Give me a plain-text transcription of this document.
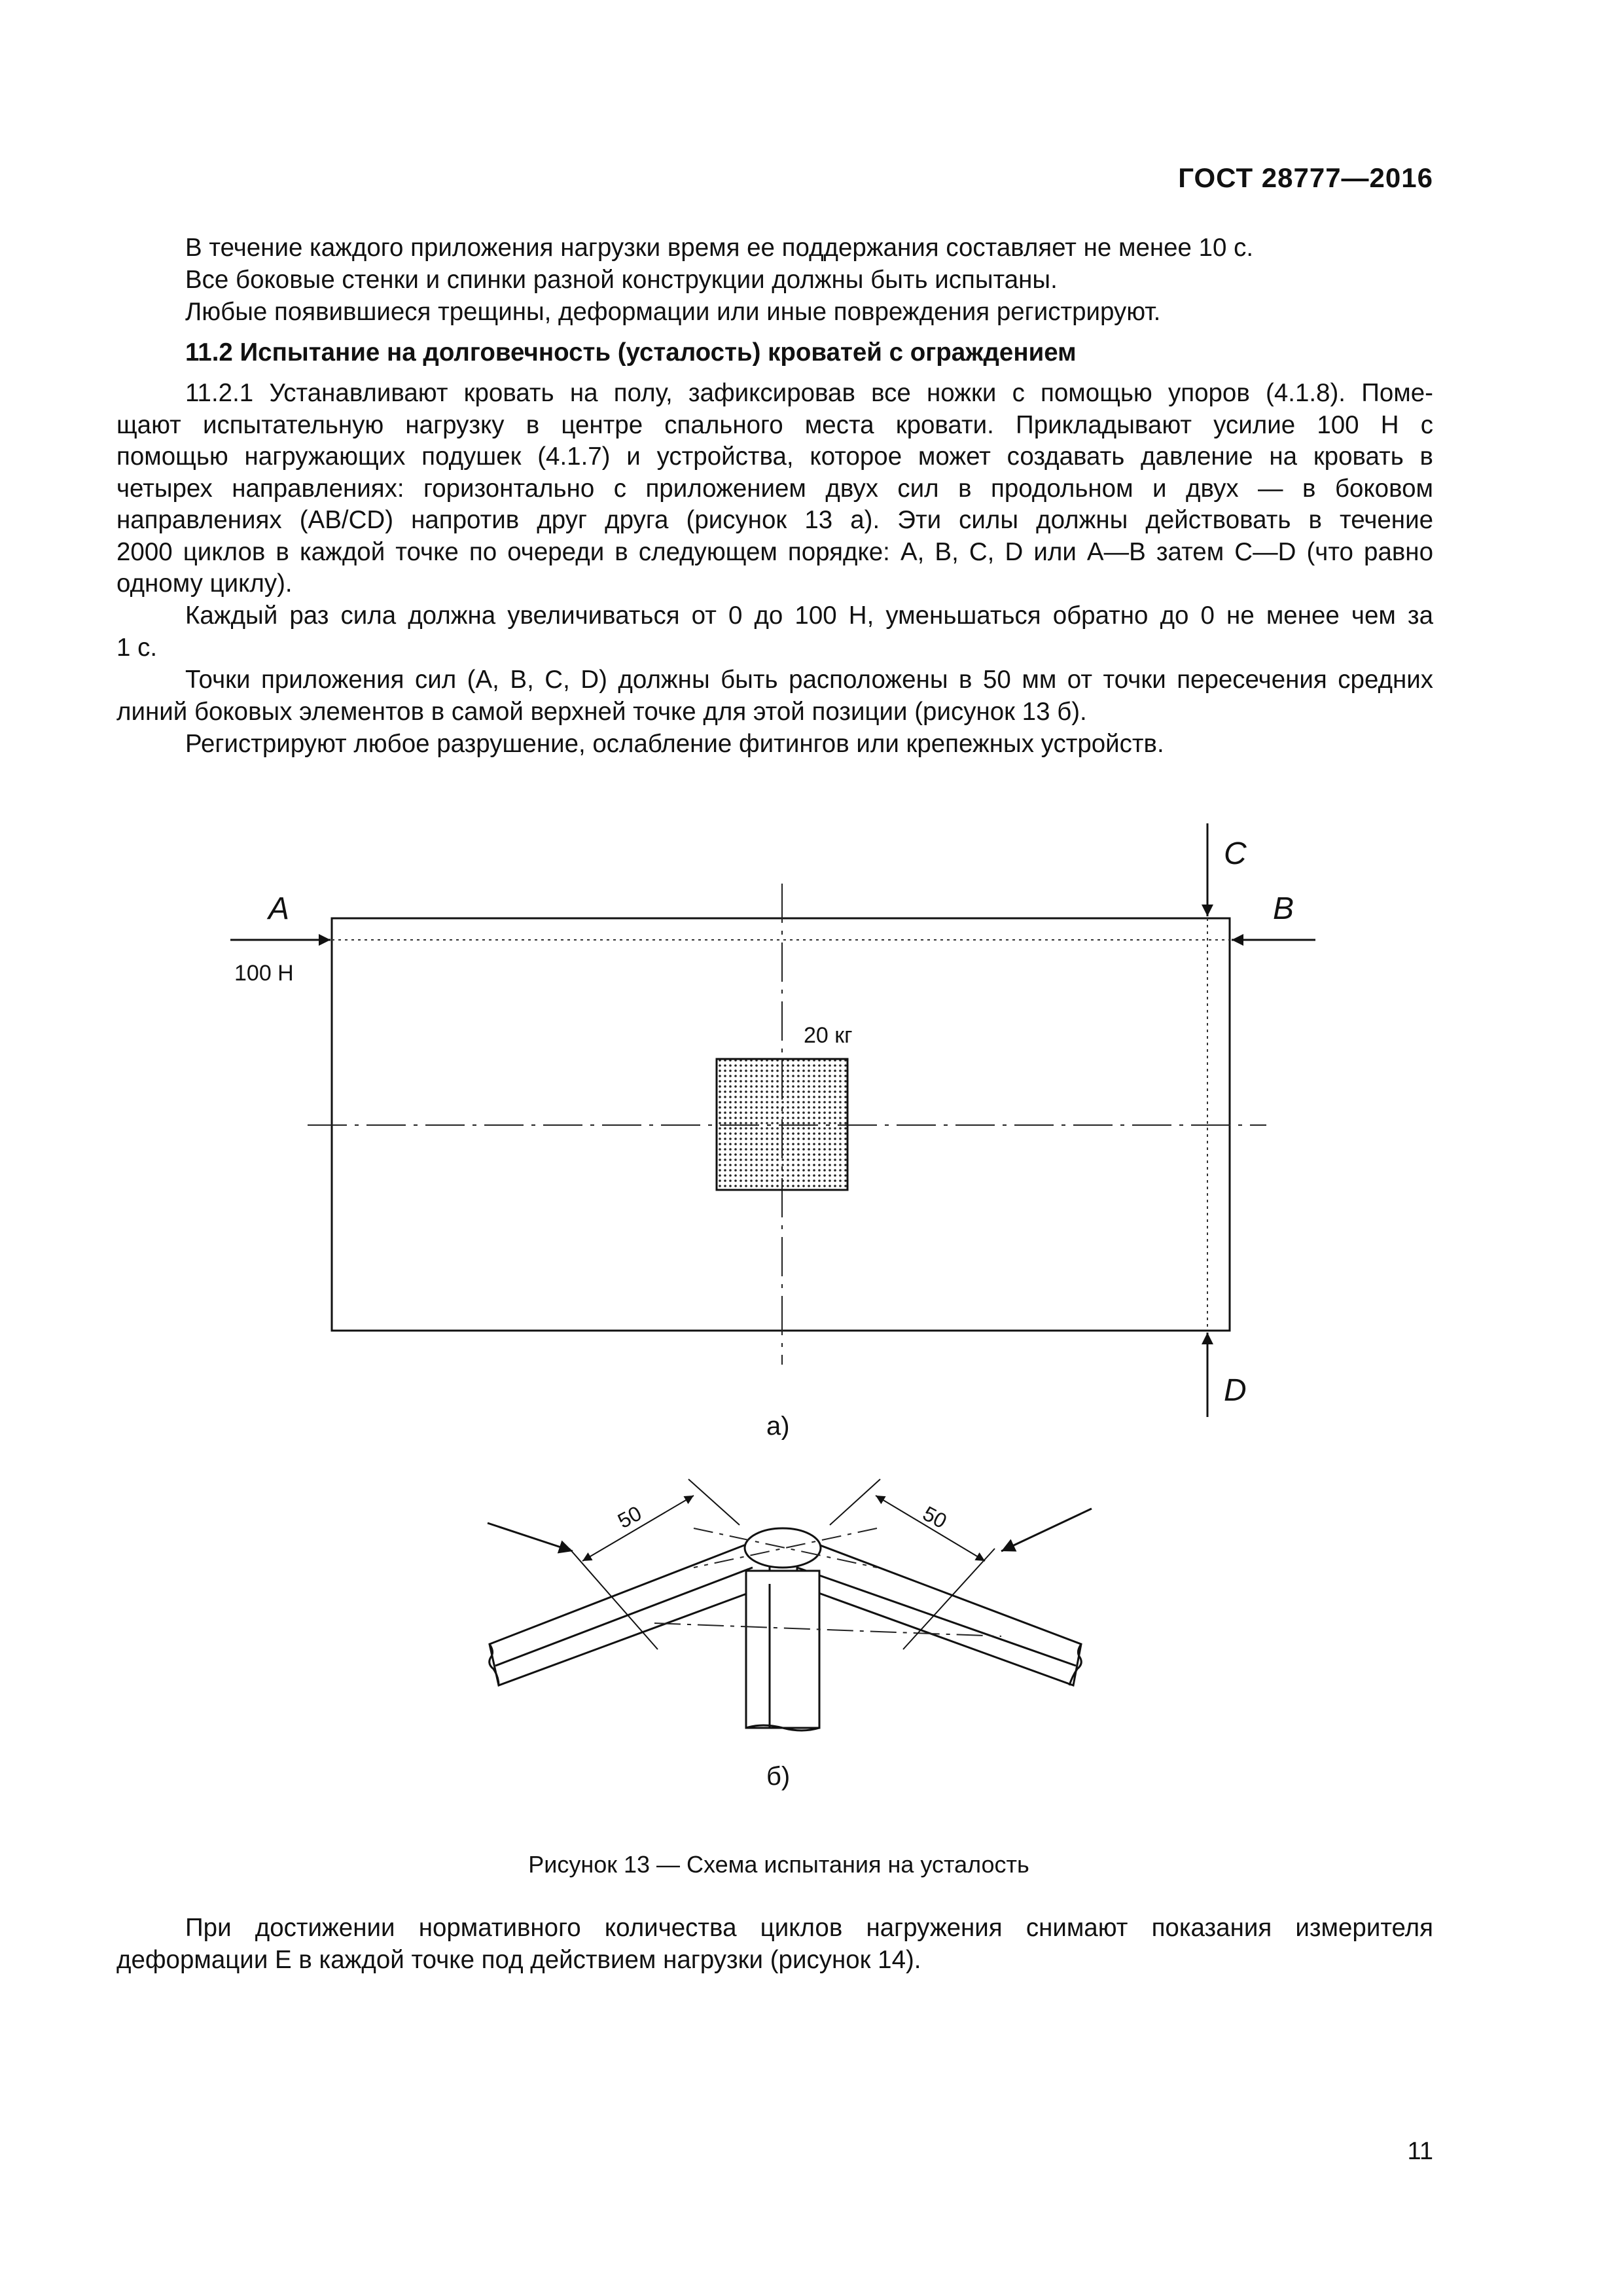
ГОСТ 28777—2016
В течение каждого приложения нагрузки время ее поддержания составляет не менее 10 с.
Все боковые стенки и спинки разной конструкции должны быть испытаны.
Любые появившиеся трещины, деформации или иные повреждения регистрируют.
11.2 Испытание на долговечность (усталость) кроватей с ограждением
11.2.1 Устанавливают кровать на полу, зафиксировав все ножки с помощью упоров (4.1.8). Поме-
щают испытательную нагрузку в центре спального места кровати. Прикладывают усилие 100 Н с
помощью нагружающих подушек (4.1.7) и устройства, которое может создавать давление на кровать в
четырех направлениях: горизонтально с приложением двух сил в продольном и двух — в боковом
направлениях (AB/CD) напротив друг друга (рисунок 13 а). Эти силы должны действовать в течение
2000 циклов в каждой точке по очереди в следующем порядке: A, B, C, D или A—B затем C—D (что равно
одному циклу).
Каждый раз сила должна увеличиваться от 0 до 100 Н, уменьшаться обратно до 0 не менее чем за
1 с.
Точки приложения сил (A, B, C, D) должны быть расположены в 50 мм от точки пересечения средних
линий боковых элементов в самой верхней точке для этой позиции (рисунок 13 б).
Регистрируют любое разрушение, ослабление фитингов или крепежных устройств.
A	B
C
D
100 Н
20 кг
а)
50	50
б)
Рисунок 13 — Схема испытания на усталость
При достижении нормативного количества циклов нагружения снимают показания измерителя
деформации E в каждой точке под действием нагрузки (рисунок 14).
11
